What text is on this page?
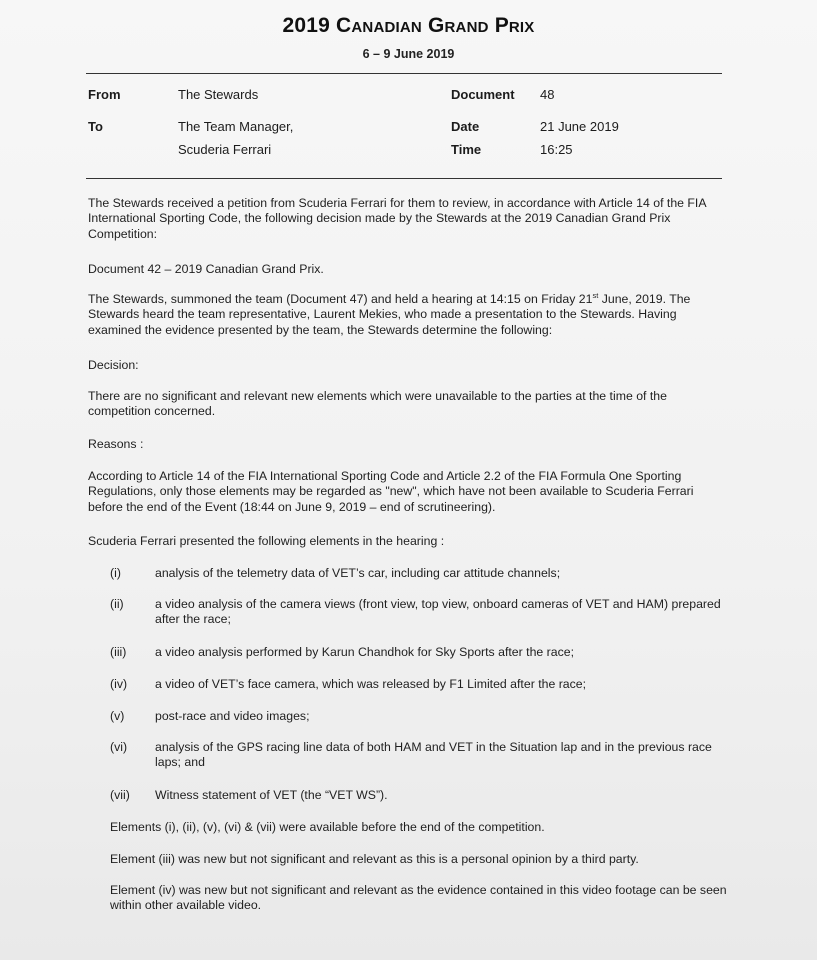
2019 Canadian Grand Prix
6 – 9 June 2019
From	The Stewards	Document 48
To	The Team Manager,	Date	21 June 2019
Scuderia Ferrari	Time	16:25
The Stewards received a petition from Scuderia Ferrari for them to review, in accordance with Article 14 of the FIA International Sporting Code, the following decision made by the Stewards at the 2019 Canadian Grand Prix Competition:
Document 42 – 2019 Canadian Grand Prix.
The Stewards, summoned the team (Document 47) and held a hearing at 14:15 on Friday 21st June, 2019. The Stewards heard the team representative, Laurent Mekies, who made a presentation to the Stewards. Having examined the evidence presented by the team, the Stewards determine the following:
Decision:
There are no significant and relevant new elements which were unavailable to the parties at the time of the competition concerned.
Reasons :
According to Article 14 of the FIA International Sporting Code and Article 2.2 of the FIA Formula One Sporting Regulations, only those elements may be regarded as "new", which have not been available to Scuderia Ferrari before the end of the Event (18:44 on June 9, 2019 – end of scrutineering).
Scuderia Ferrari presented the following elements in the hearing :
(i)	analysis of the telemetry data of VET’s car, including car attitude channels;
(ii)	a video analysis of the camera views (front view, top view, onboard cameras of VET and HAM) prepared after the race;
(iii) a video analysis performed by Karun Chandhok for Sky Sports after the race;
(iv) a video of VET’s face camera, which was released by F1 Limited after the race;
(v) post-race and video images;
(vi) analysis of the GPS racing line data of both HAM and VET in the Situation lap and in the previous race laps; and
(vii) Witness statement of VET (the “VET WS”).
Elements (i), (ii), (v), (vi) & (vii) were available before the end of the competition.
Element (iii) was new but not significant and relevant as this is a personal opinion by a third party.
Element (iv) was new but not significant and relevant as the evidence contained in this video footage can be seen within other available video.
